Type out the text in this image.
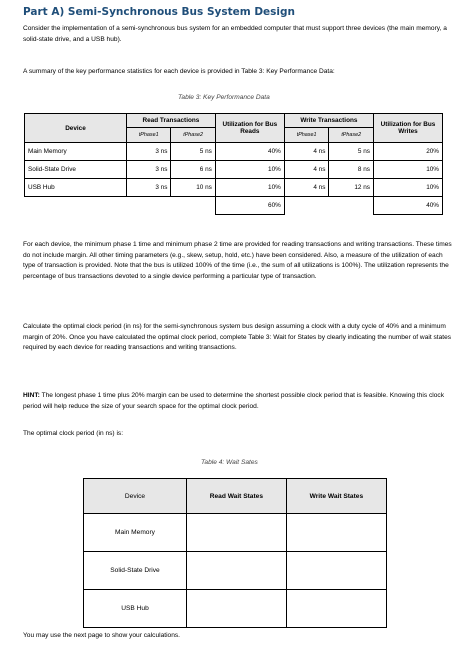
Part A) Semi-Synchronous Bus System Design
Consider the implementation of a semi-synchronous bus system for an embedded computer that must support three devices (the main memory, a solid-state drive, and a USB hub).
A summary of the key performance statistics for each device is provided in Table 3: Key Performance Data:
Table 3: Key Performance Data
Device	Read Transactions		Utilization for Bus Reads	Write Transactions		Utilization for Bus Writes
	tPhase1	tPhase2		tPhase1	tPhase2	
Main Memory	3 ns	5 ns	40%	4 ns	5 ns	20%
Solid-State Drive	3 ns	6 ns	10%	4 ns	8 ns	10%
USB Hub	3 ns	10 ns	10%	4 ns	12 ns	10%
			60%			40%
For each device, the minimum phase 1 time and minimum phase 2 time are provided for reading transactions and writing transactions. These times do not include margin. All other timing parameters (e.g., skew, setup, hold, etc.) have been considered. Also, a measure of the utilization of each type of transaction is provided. Note that the bus is utilized 100% of the time (i.e., the sum of all utilizations is 100%). The utilization represents the percentage of bus transactions devoted to a single device performing a particular type of transaction.
Calculate the optimal clock period (in ns) for the semi-synchronous system bus design assuming a clock with a duty cycle of 40% and a minimum margin of 20%. Once you have calculated the optimal clock period, complete Table 3: Wait for States by clearly indicating the number of wait states required by each device for reading transactions and writing transactions.
HINT: The longest phase 1 time plus 20% margin can be used to determine the shortest possible clock period that is feasible. Knowing this clock period will help reduce the size of your search space for the optimal clock period.
The optimal clock period (in ns) is:
Table 4: Wait Sates
Device	Read Wait States	Write Wait States
Main Memory		
Solid-State Drive		
USB Hub		
You may use the next page to show your calculations.
